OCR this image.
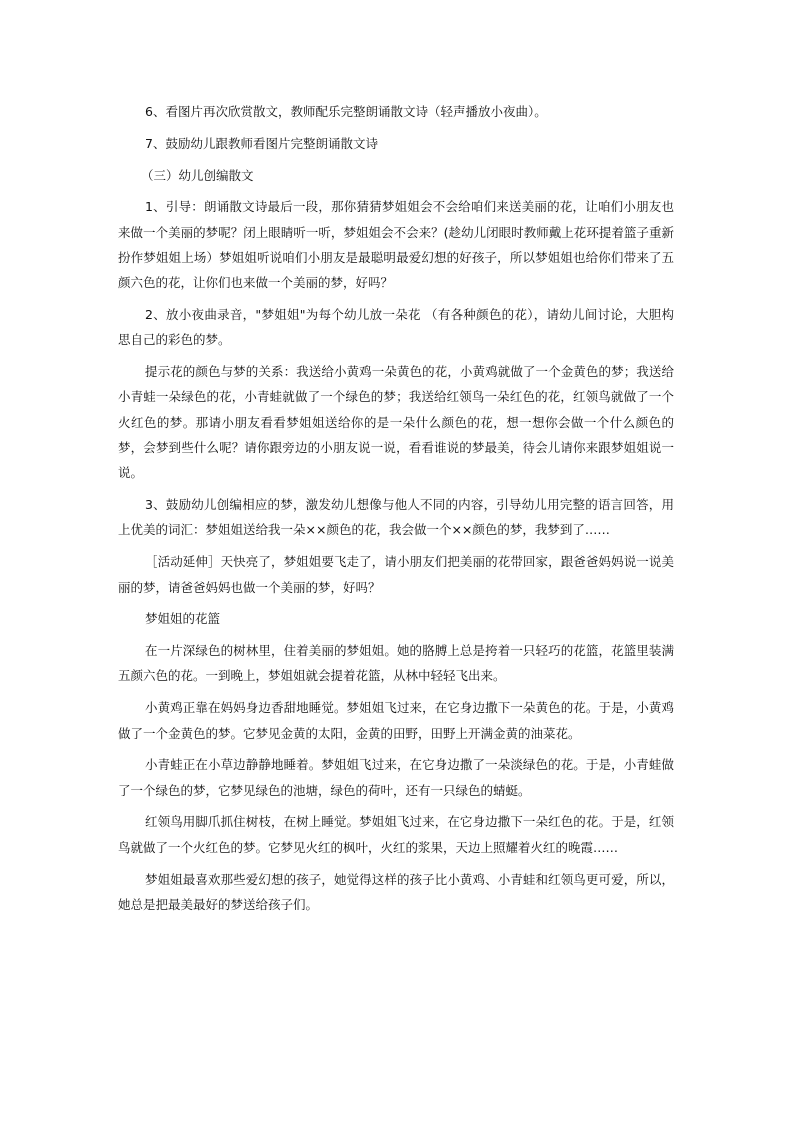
6、看图片再次欣赏散文，教师配乐完整朗诵散文诗（轻声播放小夜曲）。

7、鼓励幼儿跟教师看图片完整朗诵散文诗

（三）幼儿创编散文

1、引导：朗诵散文诗最后一段，那你猜猜梦姐姐会不会给咱们来送美丽的花，让咱们小朋友也来做一个美丽的梦呢？闭上眼睛听一听，梦姐姐会不会来？(趁幼儿闭眼时教师戴上花环提着篮子重新扮作梦姐姐上场）梦姐姐听说咱们小朋友是最聪明最爱幻想的好孩子，所以梦姐姐也给你们带来了五颜六色的花，让你们也来做一个美丽的梦，好吗？

2、放小夜曲录音，"梦姐姐"为每个幼儿放一朵花 （有各种颜色的花），请幼儿间讨论，大胆构思自己的彩色的梦。

提示花的颜色与梦的关系：我送给小黄鸡一朵黄色的花，小黄鸡就做了一个金黄色的梦；我送给小青蛙一朵绿色的花，小青蛙就做了一个绿色的梦；我送给红领鸟一朵红色的花，红领鸟就做了一个火红色的梦。那请小朋友看看梦姐姐送给你的是一朵什么颜色的花，想一想你会做一个什么颜色的梦，会梦到些什么呢？请你跟旁边的小朋友说一说，看看谁说的梦最美，待会儿请你来跟梦姐姐说一说。

3、鼓励幼儿创编相应的梦，激发幼儿想像与他人不同的内容，引导幼儿用完整的语言回答，用上优美的词汇：梦姐姐送给我一朵××颜色的花，我会做一个××颜色的梦，我梦到了……

［活动延伸］天快亮了，梦姐姐要飞走了，请小朋友们把美丽的花带回家，跟爸爸妈妈说一说美丽的梦，请爸爸妈妈也做一个美丽的梦，好吗？

梦姐姐的花篮

在一片深绿色的树林里，住着美丽的梦姐姐。她的胳膊上总是挎着一只轻巧的花篮，花篮里装满五颜六色的花。一到晚上，梦姐姐就会提着花篮，从林中轻轻飞出来。

小黄鸡正靠在妈妈身边香甜地睡觉。梦姐姐飞过来，在它身边撒下一朵黄色的花。于是，小黄鸡做了一个金黄色的梦。它梦见金黄的太阳，金黄的田野，田野上开满金黄的油菜花。

小青蛙正在小草边静静地睡着。梦姐姐飞过来，在它身边撒了一朵淡绿色的花。于是，小青蛙做了一个绿色的梦，它梦见绿色的池塘，绿色的荷叶，还有一只绿色的蜻蜓。

红领鸟用脚爪抓住树枝，在树上睡觉。梦姐姐飞过来，在它身边撒下一朵红色的花。于是，红领鸟就做了一个火红色的梦。它梦见火红的枫叶，火红的浆果，天边上照耀着火红的晚霞……

梦姐姐最喜欢那些爱幻想的孩子，她觉得这样的孩子比小黄鸡、小青蛙和红领鸟更可爱，所以，她总是把最美最好的梦送给孩子们。
